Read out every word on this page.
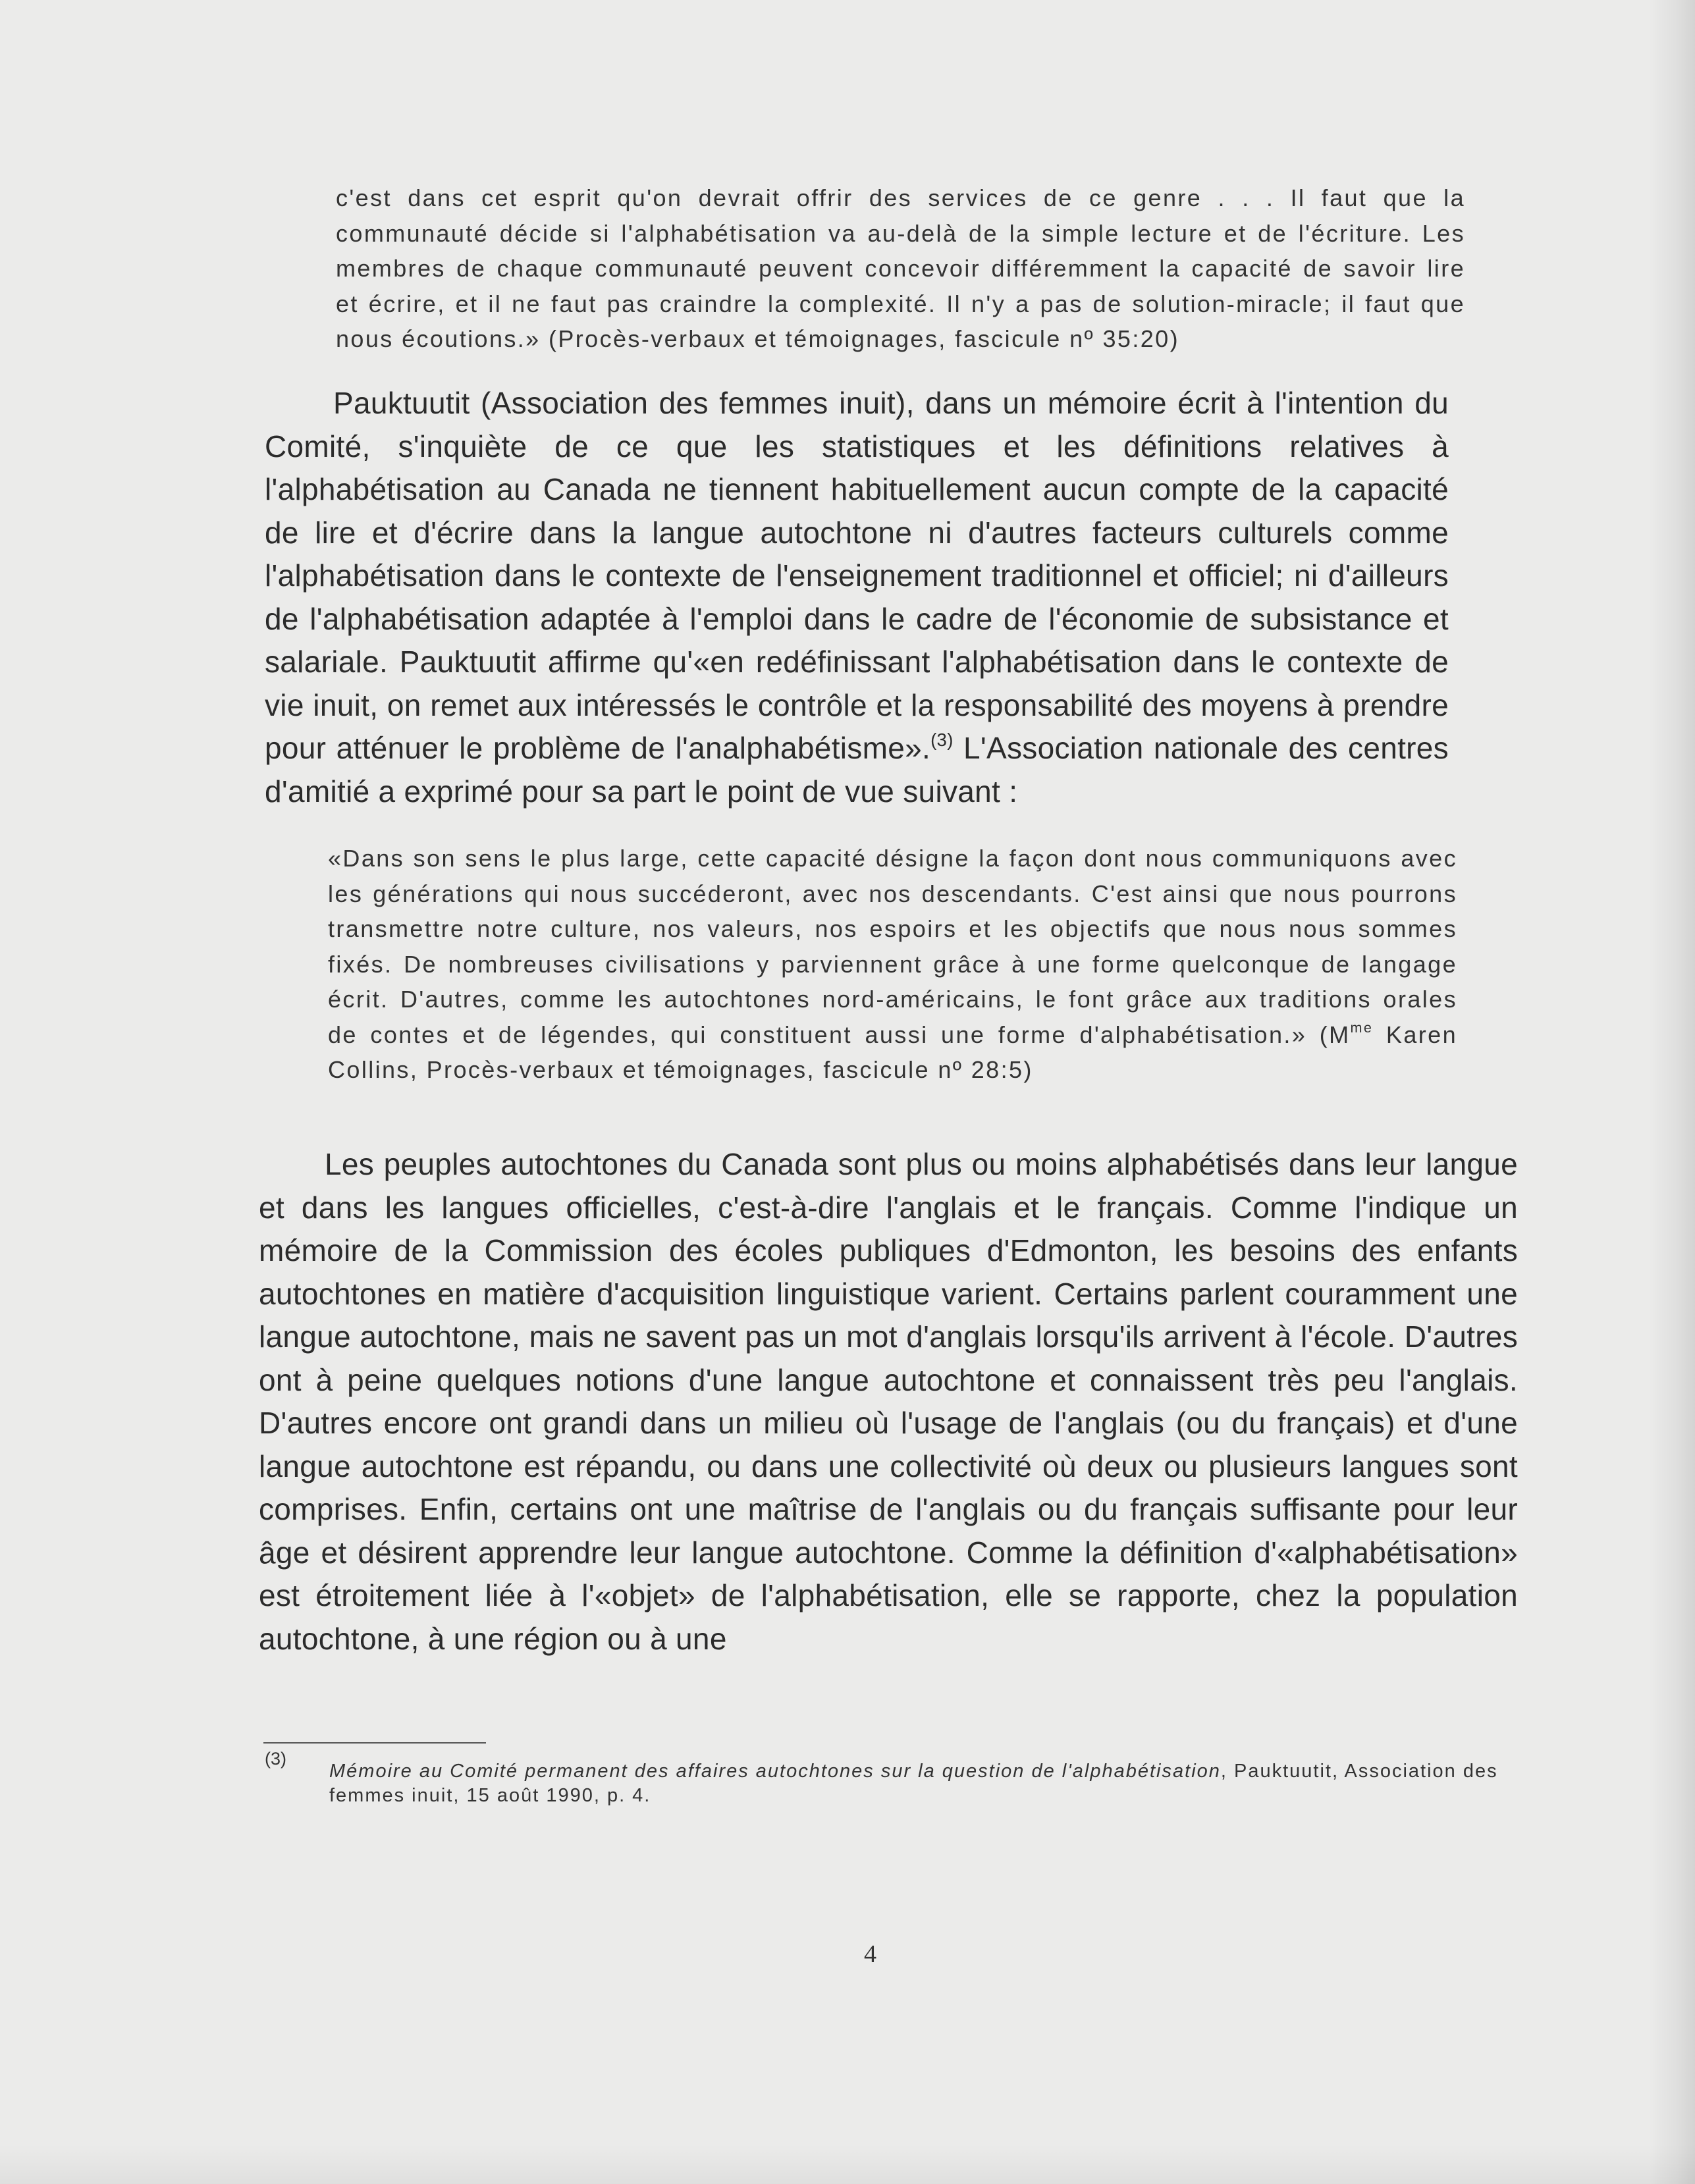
c'est dans cet esprit qu'on devrait offrir des services de ce genre . . . Il faut que la communauté décide si l'alphabétisation va au-delà de la simple lecture et de l'écriture. Les membres de chaque communauté peuvent concevoir différemment la capacité de savoir lire et écrire, et il ne faut pas craindre la complexité. Il n'y a pas de solution-miracle; il faut que nous écoutions.» (Procès-verbaux et témoignages, fascicule nº 35:20)
Pauktuutit (Association des femmes inuit), dans un mémoire écrit à l'intention du Comité, s'inquiète de ce que les statistiques et les définitions relatives à l'alphabétisation au Canada ne tiennent habituellement aucun compte de la capacité de lire et d'écrire dans la langue autochtone ni d'autres facteurs culturels comme l'alphabétisation dans le contexte de l'enseignement traditionnel et officiel; ni d'ailleurs de l'alphabétisation adaptée à l'emploi dans le cadre de l'économie de subsistance et salariale. Pauktuutit affirme qu'«en redéfinissant l'alphabétisation dans le contexte de vie inuit, on remet aux intéressés le contrôle et la responsabilité des moyens à prendre pour atténuer le problème de l'analphabétisme».$^{(3)}$ L'Association nationale des centres d'amitié a exprimé pour sa part le point de vue suivant :
«Dans son sens le plus large, cette capacité désigne la façon dont nous communiquons avec les générations qui nous succéderont, avec nos descendants. C'est ainsi que nous pourrons transmettre notre culture, nos valeurs, nos espoirs et les objectifs que nous nous sommes fixés. De nombreuses civilisations y parviennent grâce à une forme quelconque de langage écrit. D'autres, comme les autochtones nord-américains, le font grâce aux traditions orales de contes et de légendes, qui constituent aussi une forme d'alphabétisation.» ($M^{me}$ Karen Collins, Procès-verbaux et témoignages, fascicule nº 28:5)
Les peuples autochtones du Canada sont plus ou moins alphabétisés dans leur langue et dans les langues officielles, c'est-à-dire l'anglais et le français. Comme l'indique un mémoire de la Commission des écoles publiques d'Edmonton, les besoins des enfants autochtones en matière d'acquisition linguistique varient. Certains parlent couramment une langue autochtone, mais ne savent pas un mot d'anglais lorsqu'ils arrivent à l'école. D'autres ont à peine quelques notions d'une langue autochtone et connaissent très peu l'anglais. D'autres encore ont grandi dans un milieu où l'usage de l'anglais (ou du français) et d'une langue autochtone est répandu, ou dans une collectivité où deux ou plusieurs langues sont comprises. Enfin, certains ont une maîtrise de l'anglais ou du français suffisante pour leur âge et désirent apprendre leur langue autochtone. Comme la définition d'«alphabétisation» est étroitement liée à l'«objet» de l'alphabétisation, elle se rapporte, chez la population autochtone, à une région ou à une
(3)
Mémoire au Comité permanent des affaires autochtones sur la question de l'alphabétisation, Pauktuutit, Association des femmes inuit, 15 août 1990, p. 4.
4
